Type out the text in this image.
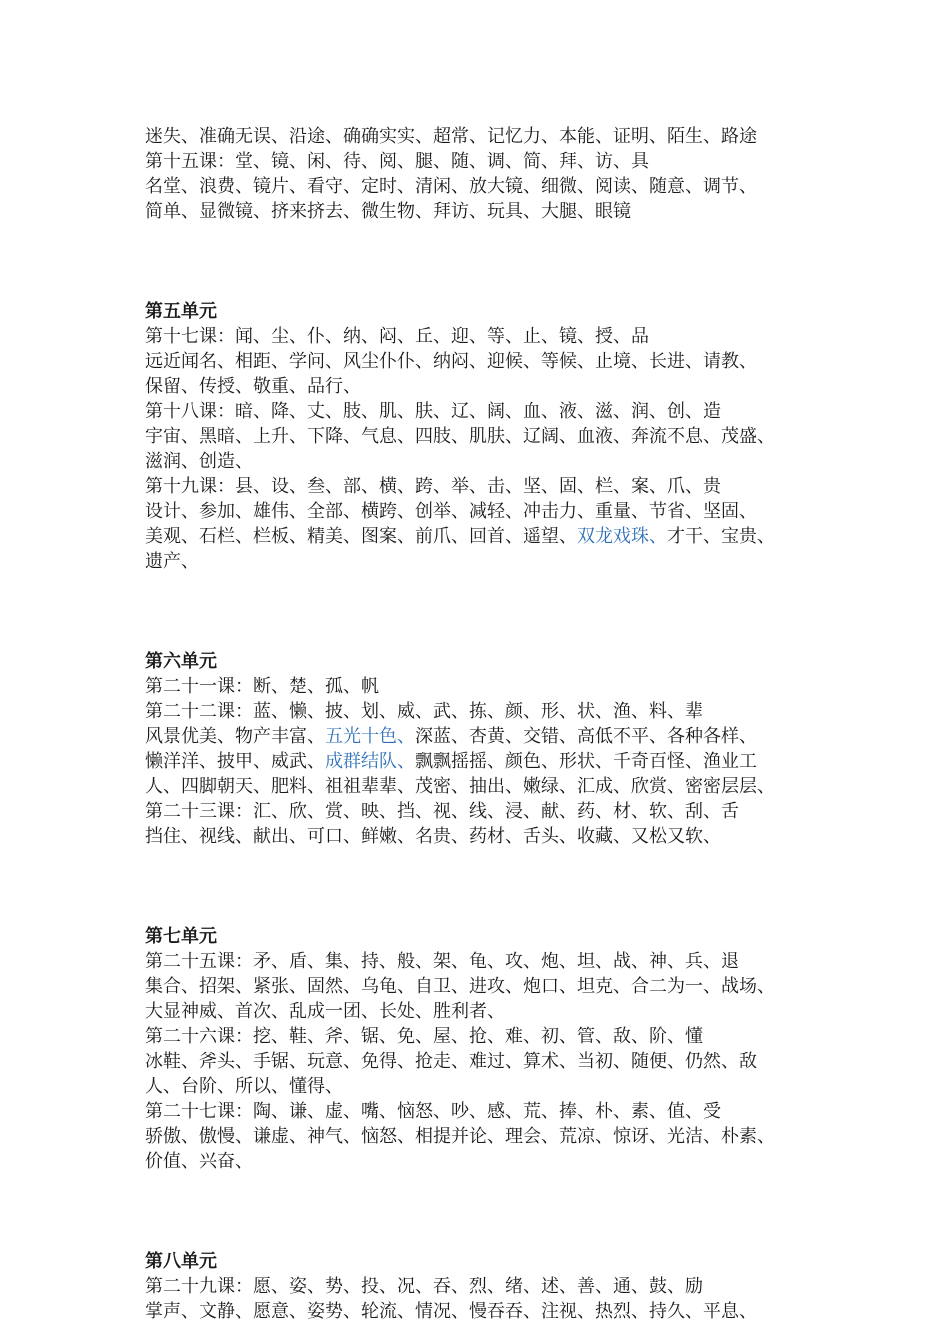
迷失、准确无误、沿途、确确实实、超常、记忆力、本能、证明、陌生、路途
第十五课：堂、镜、闲、待、阅、腿、随、调、简、拜、访、具
名堂、浪费、镜片、看守、定时、清闲、放大镜、细微、阅读、随意、调节、
简单、显微镜、挤来挤去、微生物、拜访、玩具、大腿、眼镜
第五单元
第十七课：闻、尘、仆、纳、闷、丘、迎、等、止、镜、授、品
远近闻名、相距、学问、风尘仆仆、纳闷、迎候、等候、止境、长进、请教、
保留、传授、敬重、品行、
第十八课：暗、降、丈、肢、肌、肤、辽、阔、血、液、滋、润、创、造
宇宙、黑暗、上升、下降、气息、四肢、肌肤、辽阔、血液、奔流不息、茂盛、
滋润、创造、
第十九课：县、设、叁、部、横、跨、举、击、坚、固、栏、案、爪、贵
设计、参加、雄伟、全部、横跨、创举、减轻、冲击力、重量、节省、坚固、
美观、石栏、栏板、精美、图案、前爪、回首、遥望、双龙戏珠、才干、宝贵、
遗产、
第六单元
第二十一课：断、楚、孤、帆
第二十二课：蓝、懒、披、划、威、武、拣、颜、形、状、渔、料、辈
风景优美、物产丰富、五光十色、深蓝、杏黄、交错、高低不平、各种各样、
懒洋洋、披甲、威武、成群结队、飘飘摇摇、颜色、形状、千奇百怪、渔业工
人、四脚朝天、肥料、祖祖辈辈、茂密、抽出、嫩绿、汇成、欣赏、密密层层、
第二十三课：汇、欣、赏、映、挡、视、线、浸、献、药、材、软、刮、舌
挡住、视线、献出、可口、鲜嫩、名贵、药材、舌头、收藏、又松又软、
第七单元
第二十五课：矛、盾、集、持、般、架、龟、攻、炮、坦、战、神、兵、退
集合、招架、紧张、固然、乌龟、自卫、进攻、炮口、坦克、合二为一、战场、
大显神威、首次、乱成一团、长处、胜利者、
第二十六课：挖、鞋、斧、锯、免、屋、抢、难、初、管、敌、阶、懂
冰鞋、斧头、手锯、玩意、免得、抢走、难过、算术、当初、随便、仍然、敌
人、台阶、所以、懂得、
第二十七课：陶、谦、虚、嘴、恼怒、吵、感、荒、捧、朴、素、值、受
骄傲、傲慢、谦虚、神气、恼怒、相提并论、理会、荒凉、惊讶、光洁、朴素、
价值、兴奋、
第八单元
第二十九课：愿、姿、势、投、况、吞、烈、绪、述、善、通、鼓、励
掌声、文静、愿意、姿势、轮流、情况、慢吞吞、注视、热烈、持久、平息、
